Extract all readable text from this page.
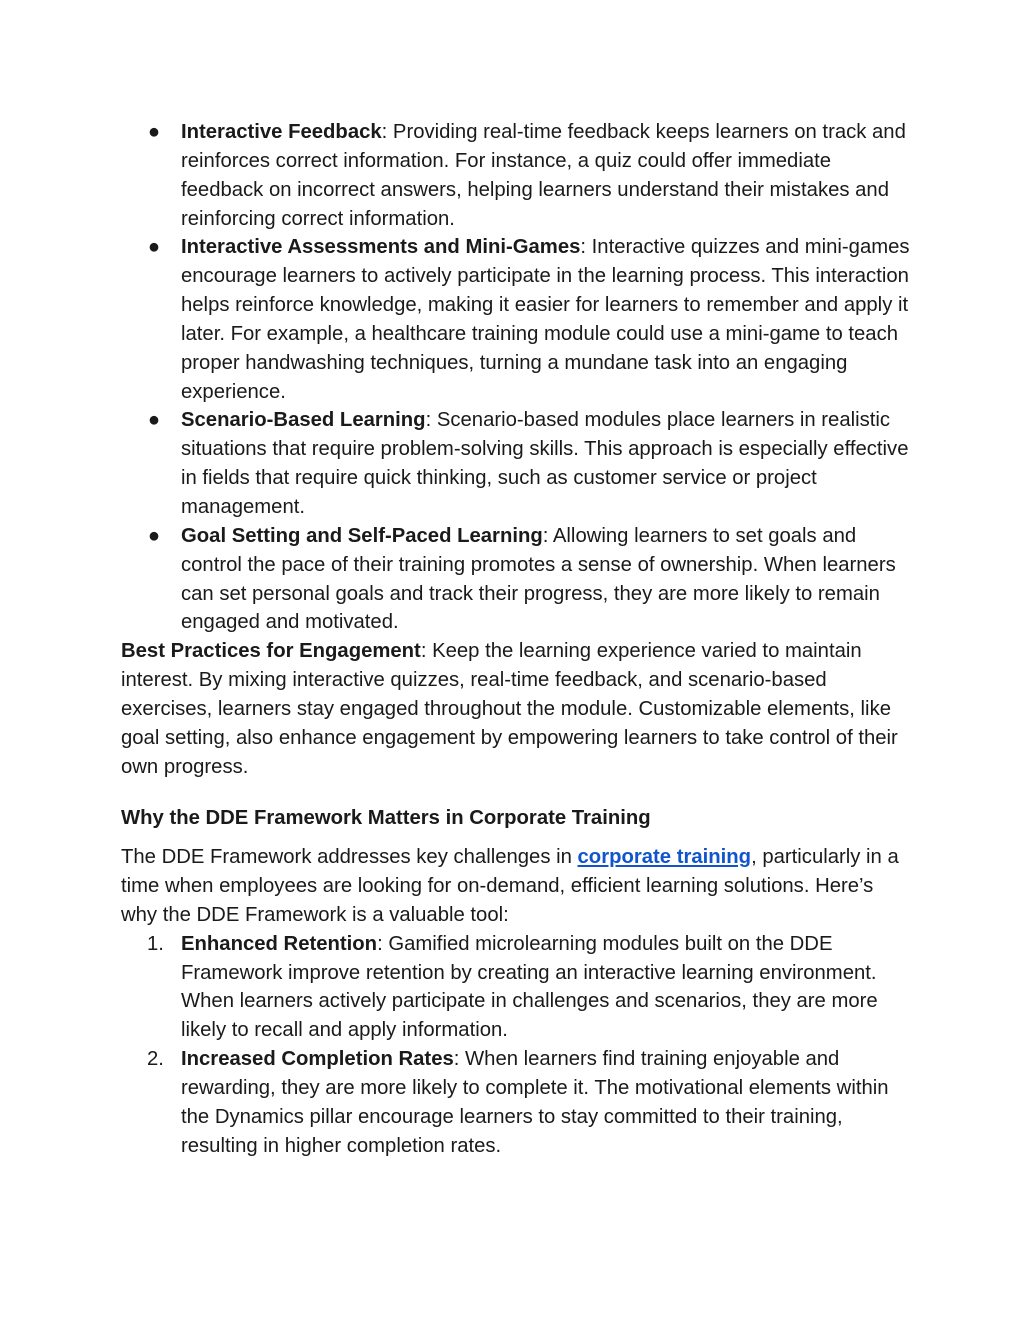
●	Interactive Feedback: Providing real-time feedback keeps learners on track and reinforces correct information. For instance, a quiz could offer immediate feedback on incorrect answers, helping learners understand their mistakes and reinforcing correct information.
●	Interactive Assessments and Mini-Games: Interactive quizzes and mini-games encourage learners to actively participate in the learning process. This interaction helps reinforce knowledge, making it easier for learners to remember and apply it later. For example, a healthcare training module could use a mini-game to teach proper handwashing techniques, turning a mundane task into an engaging experience.
●	Scenario-Based Learning: Scenario-based modules place learners in realistic situations that require problem-solving skills. This approach is especially effective in fields that require quick thinking, such as customer service or project management.
●	Goal Setting and Self-Paced Learning: Allowing learners to set goals and control the pace of their training promotes a sense of ownership. When learners can set personal goals and track their progress, they are more likely to remain engaged and motivated.

Best Practices for Engagement: Keep the learning experience varied to maintain interest. By mixing interactive quizzes, real-time feedback, and scenario-based exercises, learners stay engaged throughout the module. Customizable elements, like goal setting, also enhance engagement by empowering learners to take control of their own progress.

Why the DDE Framework Matters in Corporate Training

The DDE Framework addresses key challenges in corporate training, particularly in a time when employees are looking for on-demand, efficient learning solutions. Here’s why the DDE Framework is a valuable tool:

1. Enhanced Retention: Gamified microlearning modules built on the DDE Framework improve retention by creating an interactive learning environment. When learners actively participate in challenges and scenarios, they are more likely to recall and apply information.
2. Increased Completion Rates: When learners find training enjoyable and rewarding, they are more likely to complete it. The motivational elements within the Dynamics pillar encourage learners to stay committed to their training, resulting in higher completion rates.
